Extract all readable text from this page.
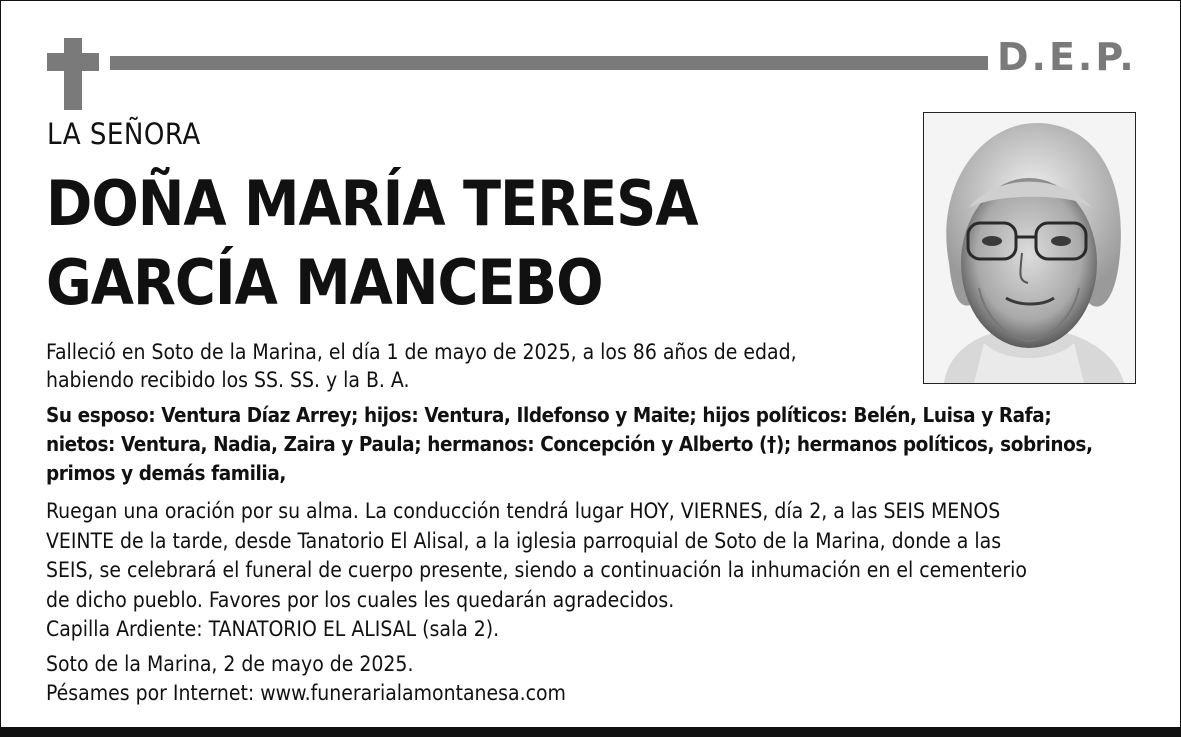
D.E.P.
LA SEÑORA
DOÑA MARÍA TERESA
GARCÍA MANCEBO
Falleció en Soto de la Marina, el día 1 de mayo de 2025, a los 86 años de edad,
habiendo recibido los SS. SS. y la B. A.
Su esposo: Ventura Díaz Arrey; hijos: Ventura, Ildefonso y Maite; hijos políticos: Belén, Luisa y Rafa;
nietos: Ventura, Nadia, Zaira y Paula; hermanos: Concepción y Alberto (†); hermanos políticos, sobrinos,
primos y demás familia,
Ruegan una oración por su alma. La conducción tendrá lugar HOY, VIERNES, día 2, a las SEIS MENOS
VEINTE de la tarde, desde Tanatorio El Alisal, a la iglesia parroquial de Soto de la Marina, donde a las
SEIS, se celebrará el funeral de cuerpo presente, siendo a continuación la inhumación en el cementerio
de dicho pueblo. Favores por los cuales les quedarán agradecidos.
Capilla Ardiente: TANATORIO EL ALISAL (sala 2).
Soto de la Marina, 2 de mayo de 2025.
Pésames por Internet: www.funerarialamontanesa.com
